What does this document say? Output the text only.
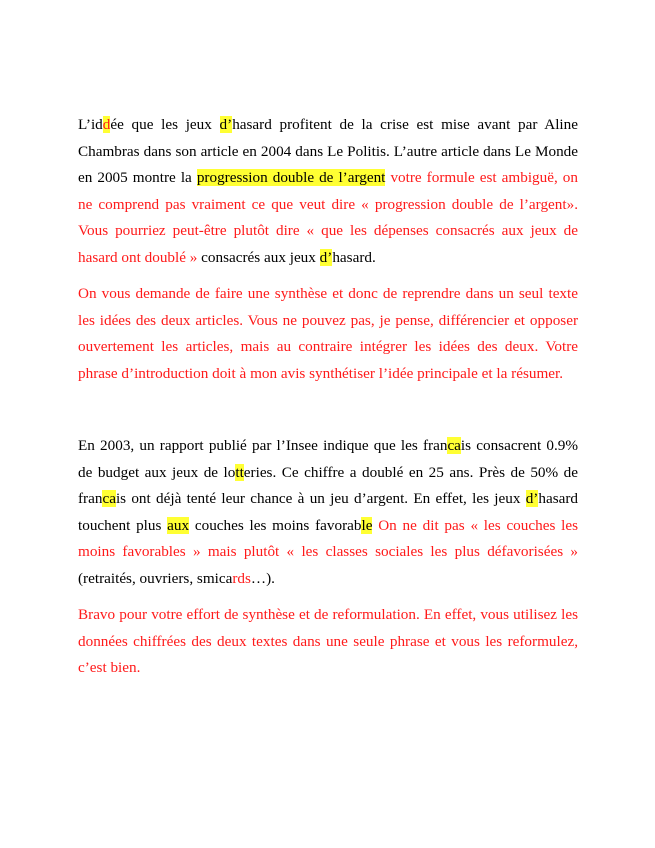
L’iddée que les jeux d’hasard profitent de la crise est mise avant par Aline Chambras dans son article en 2004 dans Le Politis. L’autre article dans Le Monde en 2005 montre la progression double de l’argent votre formule est ambiguë, on ne comprend pas vraiment ce que veut dire « progression double de l’argent». Vous pourriez peut-être plutôt dire « que les dépenses consacrés aux jeux de hasard ont doublé » consacrés aux jeux d’hasard.

On vous demande de faire une synthèse et donc de reprendre dans un seul texte les idées des deux articles. Vous ne pouvez pas, je pense, différencier et opposer ouvertement les articles, mais au contraire intégrer les idées des deux. Votre phrase d’introduction doit à mon avis synthétiser l’idée principale et la résumer.

En 2003, un rapport publié par l’Insee indique que les francais consacrent 0.9% de budget aux jeux de lotteries. Ce chiffre a doublé en 25 ans. Près de 50% de francais ont déjà tenté leur chance à un jeu d’argent. En effet, les jeux d’hasard touchent plus aux couches les moins favorable On ne dit pas « les couches les moins favorables » mais plutôt « les classes sociales les plus défavorisées » (retraités, ouvriers, smicards…).

Bravo pour votre effort de synthèse et de reformulation. En effet, vous utilisez les données chiffrées des deux textes dans une seule phrase et vous les reformulez, c’est bien.
